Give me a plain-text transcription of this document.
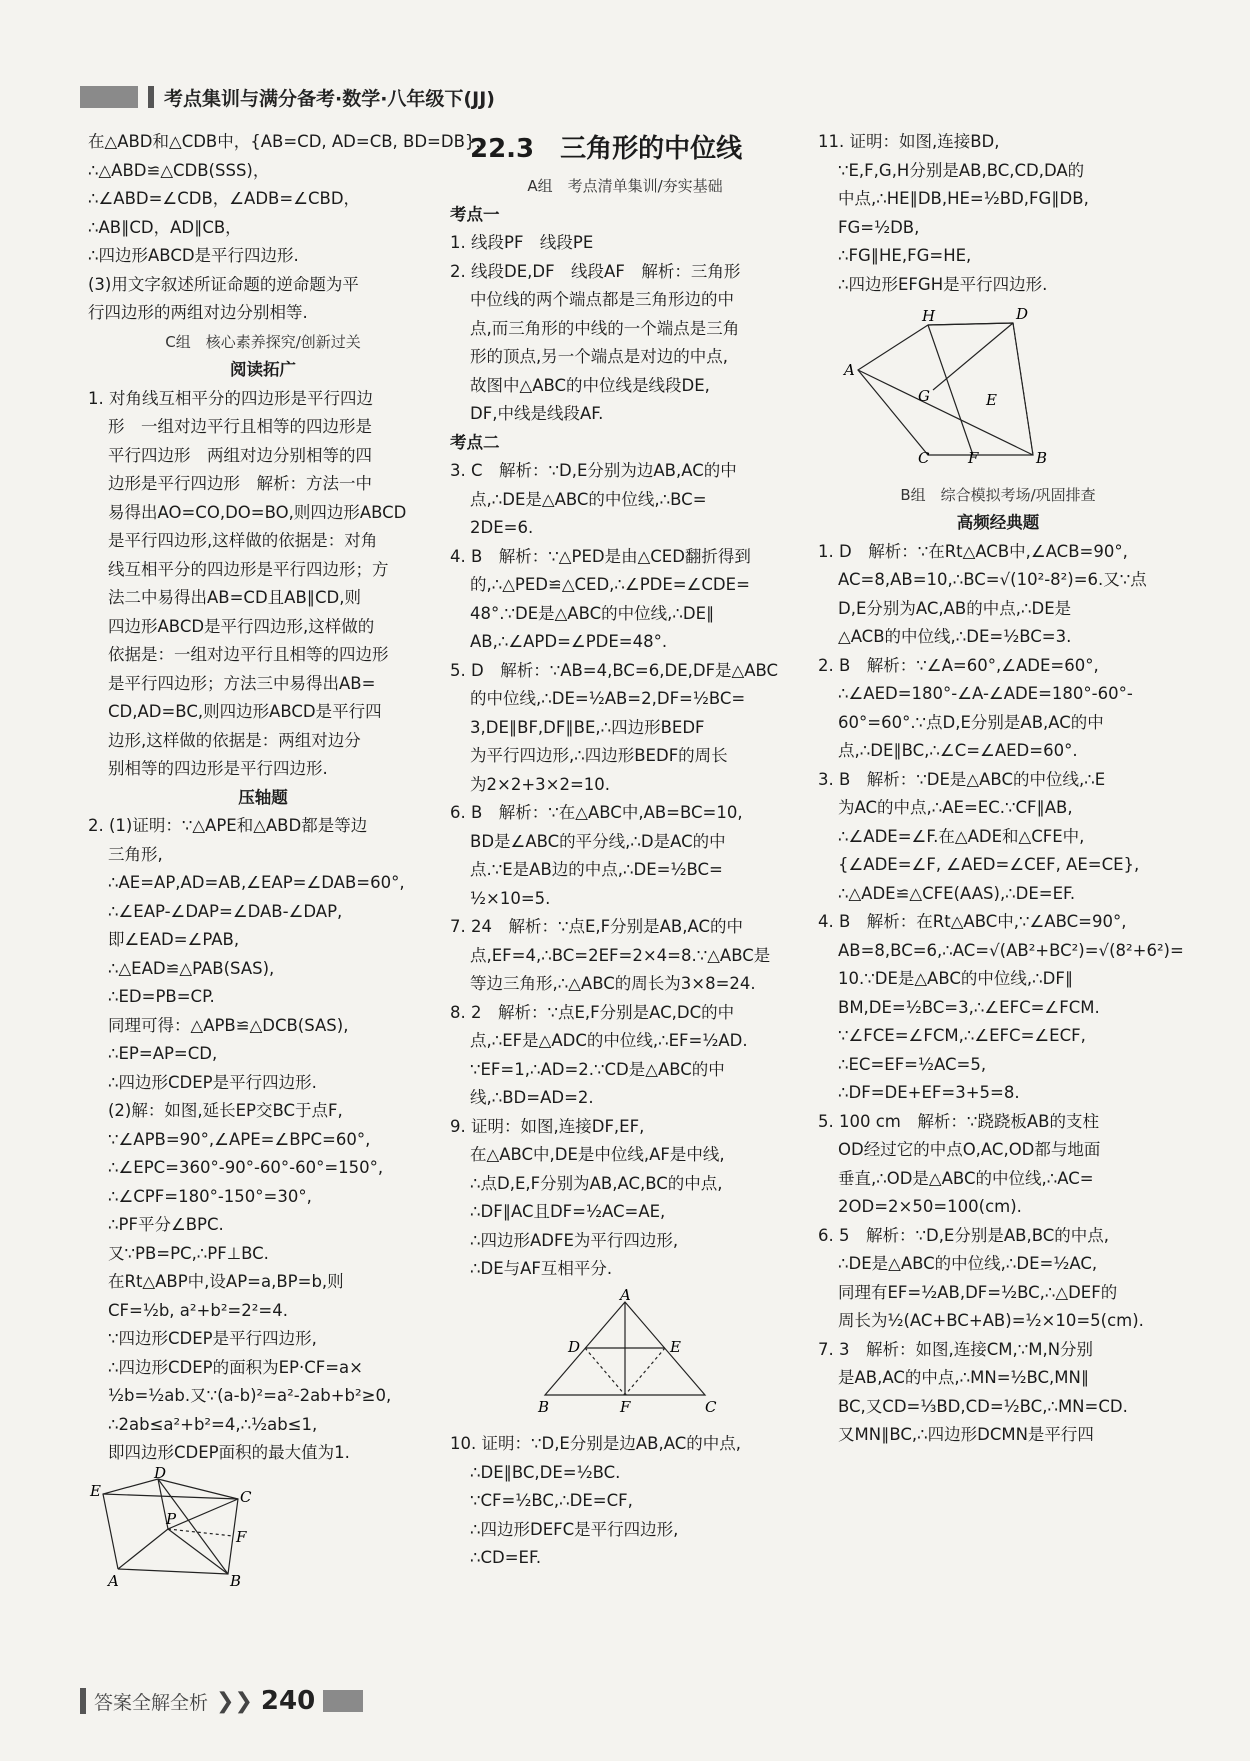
考点集训与满分备考·数学·八年级下(JJ)

在△ABD和△CDB中，{AB=CD, AD=CB, BD=DB}，

∴△ABD≌△CDB(SSS)，

∴∠ABD=∠CDB，∠ADB=∠CBD，

∴AB∥CD，AD∥CB，

∴四边形ABCD是平行四边形.

(3)用文字叙述所证命题的逆命题为平

行四边形的两组对边分别相等.

C组　核心素养探究/创新过关

阅读拓广

1. 对角线互相平分的四边形是平行四边

形　一组对边平行且相等的四边形是

平行四边形　两组对边分别相等的四

边形是平行四边形　解析：方法一中

易得出AO=CO,DO=BO,则四边形ABCD

是平行四边形,这样做的依据是：对角

线互相平分的四边形是平行四边形；方

法二中易得出AB=CD且AB∥CD,则

四边形ABCD是平行四边形,这样做的

依据是：一组对边平行且相等的四边形

是平行四边形；方法三中易得出AB=

CD,AD=BC,则四边形ABCD是平行四

边形,这样做的依据是：两组对边分

别相等的四边形是平行四边形.

压轴题

2. (1)证明：∵△APE和△ABD都是等边

三角形,

∴AE=AP,AD=AB,∠EAP=∠DAB=60°,

∴∠EAP-∠DAP=∠DAB-∠DAP,

即∠EAD=∠PAB,

∴△EAD≌△PAB(SAS),

∴ED=PB=CP.

同理可得：△APB≌△DCB(SAS),

∴EP=AP=CD,

∴四边形CDEP是平行四边形.

(2)解：如图,延长EP交BC于点F,

∵∠APB=90°,∠APE=∠BPC=60°,

∴∠EPC=360°-90°-60°-60°=150°,

∴∠CPF=180°-150°=30°,

∴PF平分∠BPC.

又∵PB=PC,∴PF⊥BC.

在Rt△ABP中,设AP=a,BP=b,则

CF=½b, a²+b²=2²=4.

∵四边形CDEP是平行四边形,

∴四边形CDEP的面积为EP·CF=a×

½b=½ab.又∵(a-b)²=a²-2ab+b²≥0,

∴2ab≤a²+b²=4,∴½ab≤1,

即四边形CDEP面积的最大值为1.

E
D
C
P
F
A	B

22.3　三角形的中位线

A组　考点清单集训/夯实基础

考点一

1. 线段PF　线段PE

2. 线段DE,DF　线段AF　解析：三角形

中位线的两个端点都是三角形边的中

点,而三角形的中线的一个端点是三角

形的顶点,另一个端点是对边的中点,

故图中△ABC的中位线是线段DE,

DF,中线是线段AF.

考点二

3. C　解析：∵D,E分别为边AB,AC的中

点,∴DE是△ABC的中位线,∴BC=

2DE=6.

4. B　解析：∵△PED是由△CED翻折得到

的,∴△PED≌△CED,∴∠PDE=∠CDE=

48°.∵DE是△ABC的中位线,∴DE∥

AB,∴∠APD=∠PDE=48°.

5. D　解析：∵AB=4,BC=6,DE,DF是△ABC

的中位线,∴DE=½AB=2,DF=½BC=

3,DE∥BF,DF∥BE,∴四边形BEDF

为平行四边形,∴四边形BEDF的周长

为2×2+3×2=10.

6. B　解析：∵在△ABC中,AB=BC=10,

BD是∠ABC的平分线,∴D是AC的中

点.∵E是AB边的中点,∴DE=½BC=

½×10=5.

7. 24　解析：∵点E,F分别是AB,AC的中

点,EF=4,∴BC=2EF=2×4=8.∵△ABC是

等边三角形,∴△ABC的周长为3×8=24.

8. 2　解析：∵点E,F分别是AC,DC的中

点,∴EF是△ADC的中位线,∴EF=½AD.

∵EF=1,∴AD=2.∵CD是△ABC的中

线,∴BD=AD=2.

9. 证明：如图,连接DF,EF,

在△ABC中,DE是中位线,AF是中线,

∴点D,E,F分别为AB,AC,BC的中点,

∴DF∥AC且DF=½AC=AE,

∴四边形ADFE为平行四边形,

∴DE与AF互相平分.

A
D	E
B	F	C

10. 证明：∵D,E分别是边AB,AC的中点,

∴DE∥BC,DE=½BC.

∵CF=½BC,∴DE=CF,

∴四边形DEFC是平行四边形,

∴CD=EF.

11. 证明：如图,连接BD,

∵E,F,G,H分别是AB,BC,CD,DA的

中点,∴HE∥DB,HE=½BD,FG∥DB,

FG=½DB,

∴FG∥HE,FG=HE,

∴四边形EFGH是平行四边形.

H	D
A
G	E
C	F	B

B组　综合模拟考场/巩固排查

高频经典题

1. D　解析：∵在Rt△ACB中,∠ACB=90°,

AC=8,AB=10,∴BC=√(10²-8²)=6.又∵点

D,E分别为AC,AB的中点,∴DE是

△ACB的中位线,∴DE=½BC=3.

2. B　解析：∵∠A=60°,∠ADE=60°,

∴∠AED=180°-∠A-∠ADE=180°-60°-

60°=60°.∵点D,E分别是AB,AC的中

点,∴DE∥BC,∴∠C=∠AED=60°.

3. B　解析：∵DE是△ABC的中位线,∴E

为AC的中点,∴AE=EC.∵CF∥AB,

∴∠ADE=∠F.在△ADE和△CFE中,

{∠ADE=∠F, ∠AED=∠CEF, AE=CE},

∴△ADE≌△CFE(AAS),∴DE=EF.

4. B　解析：在Rt△ABC中,∵∠ABC=90°,

AB=8,BC=6,∴AC=√(AB²+BC²)=√(8²+6²)=

10.∵DE是△ABC的中位线,∴DF∥

BM,DE=½BC=3,∴∠EFC=∠FCM.

∵∠FCE=∠FCM,∴∠EFC=∠ECF,

∴EC=EF=½AC=5,

∴DF=DE+EF=3+5=8.

5. 100 cm　解析：∵跷跷板AB的支柱

OD经过它的中点O,AC,OD都与地面

垂直,∴OD是△ABC的中位线,∴AC=

2OD=2×50=100(cm).

6. 5　解析：∵D,E分别是AB,BC的中点,

∴DE是△ABC的中位线,∴DE=½AC,

同理有EF=½AB,DF=½BC,∴△DEF的

周长为½(AC+BC+AB)=½×10=5(cm).

7. 3　解析：如图,连接CM,∵M,N分别

是AB,AC的中点,∴MN=½BC,MN∥

BC,又CD=⅓BD,CD=½BC,∴MN=CD.

又MN∥BC,∴四边形DCMN是平行四

答案全解全析 ❯❯ 240
